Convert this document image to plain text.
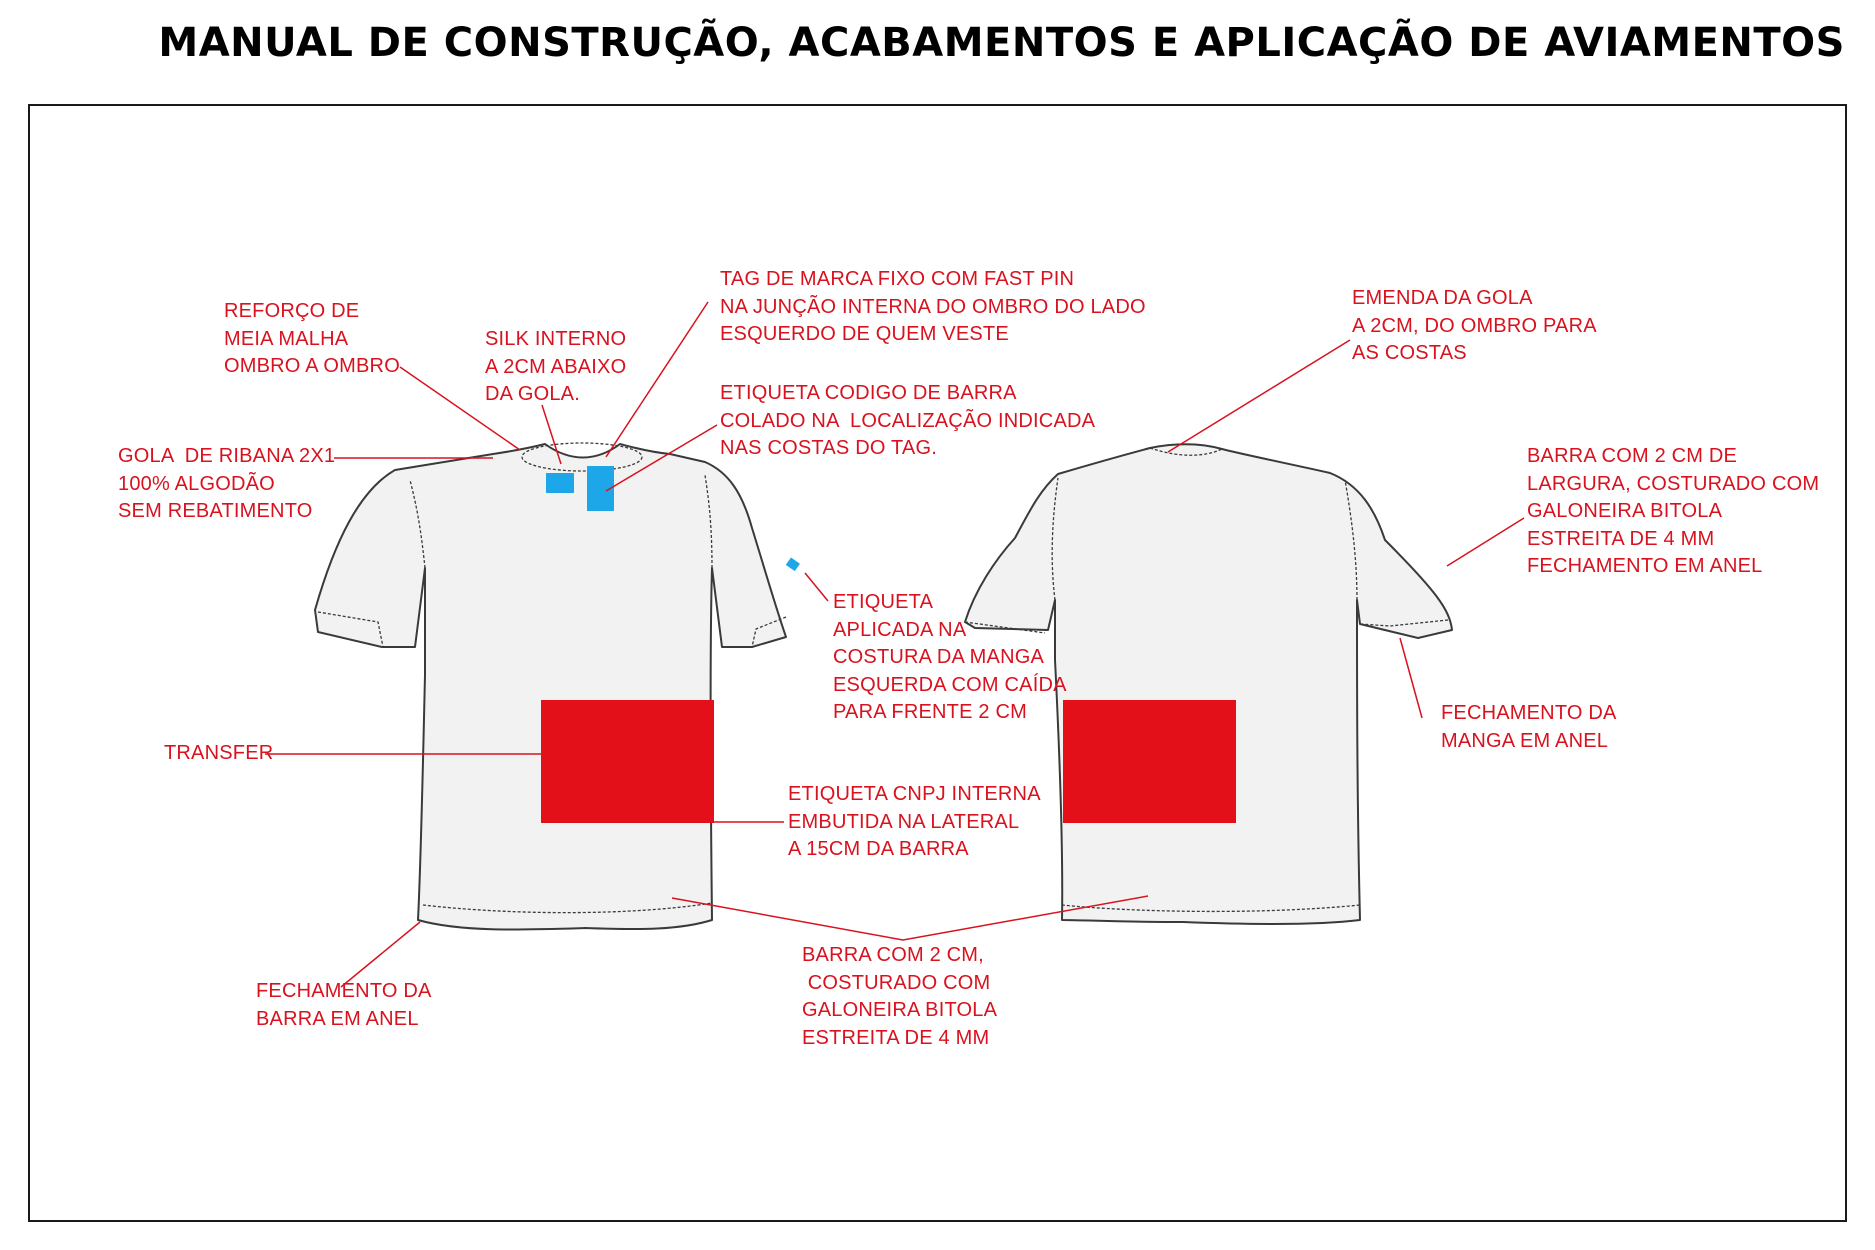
MANUAL DE CONSTRUÇÃO, ACABAMENTOS E APLICAÇÃO DE AVIAMENTOS

REFORÇO DE
MEIA MALHA
OMBRO A OMBRO

SILK INTERNO
A 2CM ABAIXO
DA GOLA.

TAG DE MARCA FIXO COM FAST PIN
NA JUNÇÃO INTERNA DO OMBRO DO LADO
ESQUERDO DE QUEM VESTE

ETIQUETA CODIGO DE BARRA
COLADO NA  LOCALIZAÇÃO INDICADA
NAS COSTAS DO TAG.

GOLA  DE RIBANA 2X1
100% ALGODÃO
SEM REBATIMENTO

ETIQUETA
APLICADA NA
COSTURA DA MANGA
ESQUERDA COM CAÍDA
PARA FRENTE 2 CM

TRANSFER

ETIQUETA CNPJ INTERNA
EMBUTIDA NA LATERAL
A 15CM DA BARRA

FECHAMENTO DA
BARRA EM ANEL

BARRA COM 2 CM,
COSTURADO COM
GALONEIRA BITOLA
ESTREITA DE 4 MM

EMENDA DA GOLA
A 2CM, DO OMBRO PARA
AS COSTAS

BARRA COM 2 CM DE
LARGURA, COSTURADO COM
GALONEIRA BITOLA
ESTREITA DE 4 MM
FECHAMENTO EM ANEL

FECHAMENTO DA
MANGA EM ANEL
